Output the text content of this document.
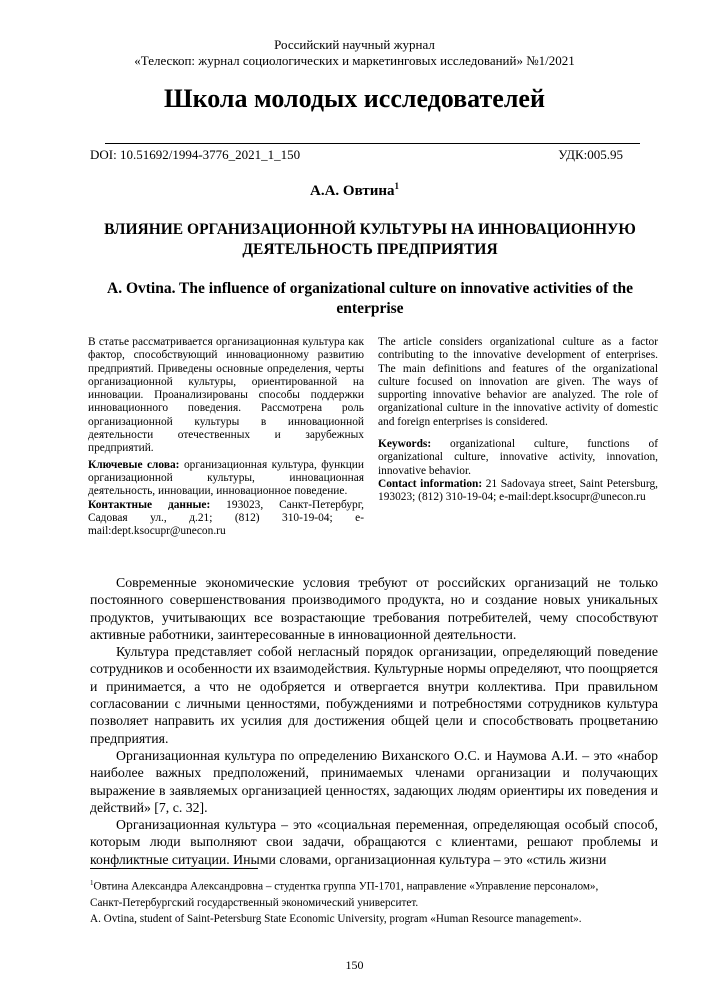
Российский научный журнал
«Телескоп: журнал социологических и маркетинговых исследований» №1/2021
Школа молодых исследователей
DOI: 10.51692/1994-3776_2021_1_150	УДК:005.95
А.А. Овтина$^1$
ВЛИЯНИЕ ОРГАНИЗАЦИОННОЙ КУЛЬТУРЫ НА ИННОВАЦИОННУЮ ДЕЯТЕЛЬНОСТЬ ПРЕДПРИЯТИЯ
A. Ovtina. The influence of organizational culture on innovative activities of the enterprise

В статье рассматривается организационная культура как фактор, способствующий инновационному развитию предприятий. Приведены основные определения, черты организационной культуры, ориентированной на инновации. Проанализированы способы поддержки инновационного поведения. Рассмотрена роль организационной культуры в инновационной деятельности отечественных и зарубежных предприятий.

Ключевые слова: организационная культура, функции организационной культуры, инновационная деятельность, инновации, инновационное поведение.

Контактные данные: 193023, Санкт-Петербург, Садовая ул., д.21; (812) 310-19-04; e-mail:dept.ksocupr@unecon.ru

The article considers organizational culture as a factor contributing to the innovative development of enterprises. The main definitions and features of the organizational culture focused on innovation are given. The ways of supporting innovative behavior are analyzed. The role of organizational culture in the innovative activity of domestic and foreign enterprises is considered.

Keywords: organizational culture, functions of organizational culture, innovative activity, innovation, innovative behavior.

Contact information: 21 Sadovaya street, Saint Petersburg, 193023; (812) 310-19-04; e-mail:dept.ksocupr@unecon.ru

Современные экономические условия требуют от российских организаций не только постоянного совершенствования производимого продукта, но и создание новых уникальных продуктов, учитывающих все возрастающие требования потребителей, чему способствуют активные работники, заинтересованные в инновационной деятельности.

Культура представляет собой негласный порядок организации, определяющий поведение сотрудников и особенности их взаимодействия. Культурные нормы определяют, что поощряется и принимается, а что не одобряется и отвергается внутри коллектива. При правильном согласовании с личными ценностями, побуждениями и потребностями сотрудников культура позволяет направить их усилия для достижения общей цели и способствовать процветанию предприятия.

Организационная культура по определению Виханского О.С. и Наумова А.И. – это «набор наиболее важных предположений, принимаемых членами организации и получающих выражение в заявляемых организацией ценностях, задающих людям ориентиры их поведения и действий» [7, с. 32].

Организационная культура – это «социальная переменная, определяющая особый способ, которым люди выполняют свои задачи, обращаются с клиентами, решают проблемы и конфликтные ситуации. Иными словами, организационная культура – это «стиль жизни

$^1$Овтина Александра Александровна – студентка группа УП-1701, направление «Управление персоналом»,

Санкт-Петербургский государственный экономический университет.

A. Ovtina, student of Saint-Petersburg State Economic University, program «Human Resource management».

150
